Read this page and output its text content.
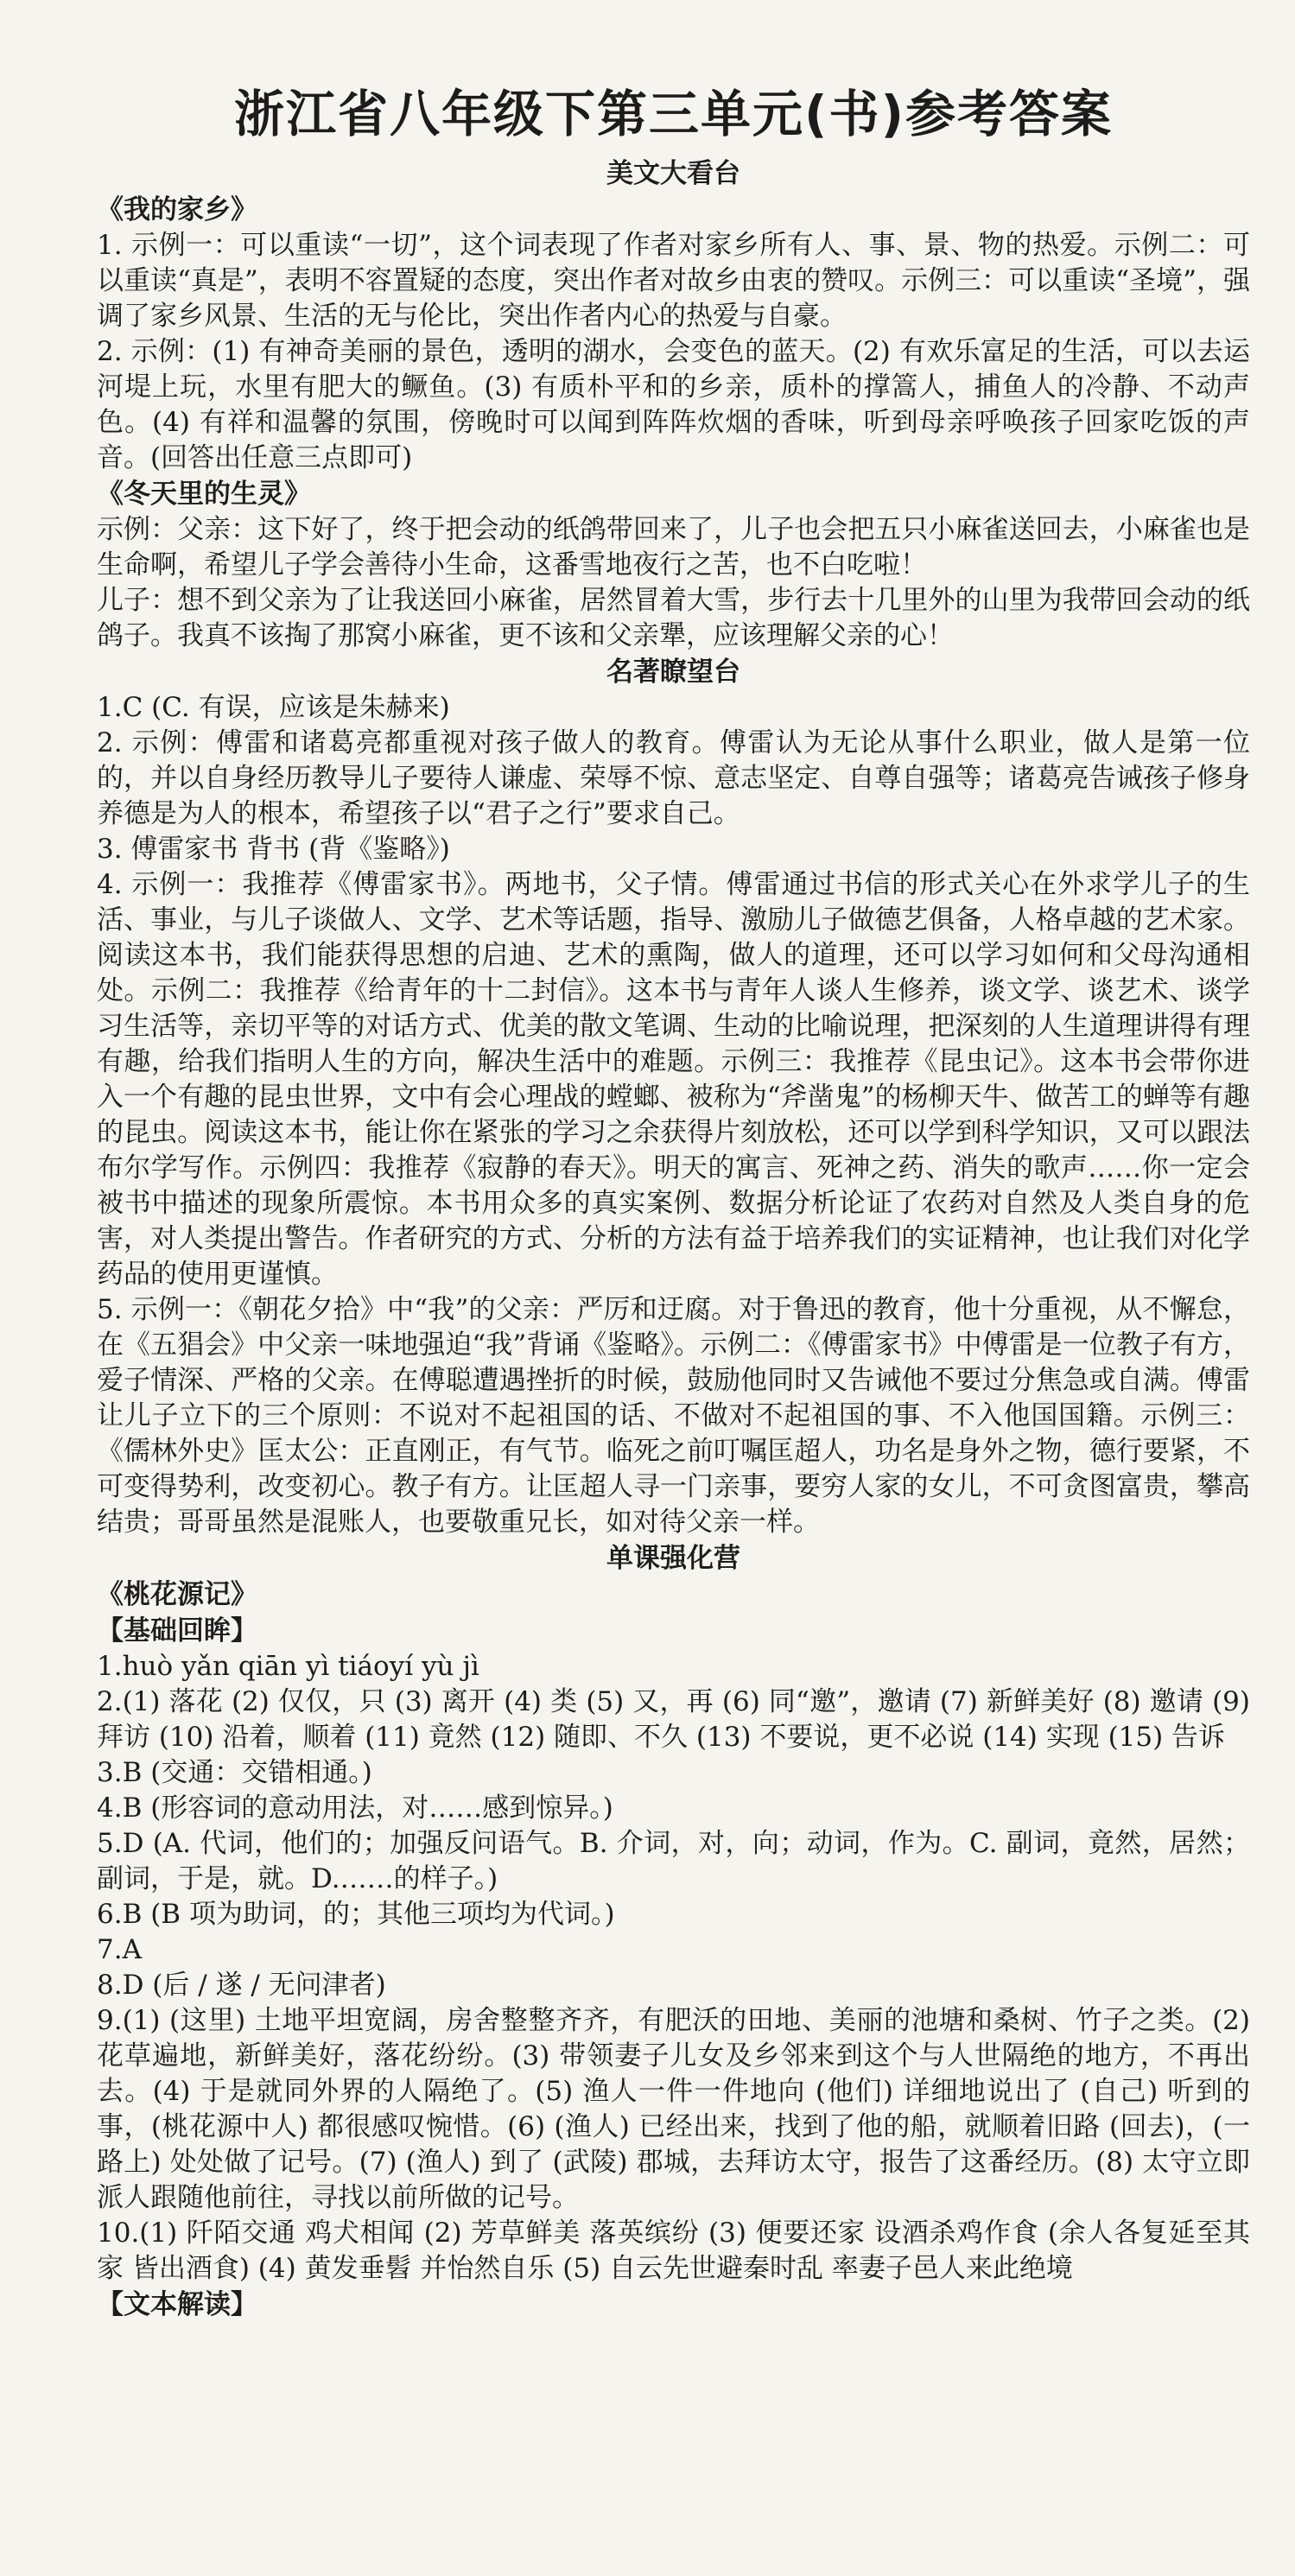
浙江省八年级下第三单元(书)参考答案
美文大看台
《我的家乡》

1. 示例一：可以重读“一切”，这个词表现了作者对家乡所有人、事、景、物的热爱。示例二：可以重读“真是”，表明不容置疑的态度，突出作者对故乡由衷的赞叹。示例三：可以重读“圣境”，强调了家乡风景、生活的无与伦比，突出作者内心的热爱与自豪。

2. 示例：(1) 有神奇美丽的景色，透明的湖水，会变色的蓝天。(2) 有欢乐富足的生活，可以去运河堤上玩，水里有肥大的鳜鱼。(3) 有质朴平和的乡亲，质朴的撑篙人，捕鱼人的冷静、不动声色。(4) 有祥和温馨的氛围，傍晚时可以闻到阵阵炊烟的香味，听到母亲呼唤孩子回家吃饭的声音。(回答出任意三点即可)

《冬天里的生灵》

示例：父亲：这下好了，终于把会动的纸鸽带回来了，儿子也会把五只小麻雀送回去，小麻雀也是生命啊，希望儿子学会善待小生命，这番雪地夜行之苦，也不白吃啦！

儿子：想不到父亲为了让我送回小麻雀，居然冒着大雪，步行去十几里外的山里为我带回会动的纸鸽子。我真不该掏了那窝小麻雀，更不该和父亲犟，应该理解父亲的心！

名著瞭望台

1.C (C. 有误，应该是朱赫来)

2. 示例：傅雷和诸葛亮都重视对孩子做人的教育。傅雷认为无论从事什么职业，做人是第一位的，并以自身经历教导儿子要待人谦虚、荣辱不惊、意志坚定、自尊自强等；诸葛亮告诫孩子修身养德是为人的根本，希望孩子以“君子之行”要求自己。

3. 傅雷家书 背书 (背《鉴略》)

4. 示例一：我推荐《傅雷家书》。两地书，父子情。傅雷通过书信的形式关心在外求学儿子的生活、事业，与儿子谈做人、文学、艺术等话题，指导、激励儿子做德艺俱备，人格卓越的艺术家。阅读这本书，我们能获得思想的启迪、艺术的熏陶，做人的道理，还可以学习如何和父母沟通相处。示例二：我推荐《给青年的十二封信》。这本书与青年人谈人生修养，谈文学、谈艺术、谈学习生活等，亲切平等的对话方式、优美的散文笔调、生动的比喻说理，把深刻的人生道理讲得有理有趣，给我们指明人生的方向，解决生活中的难题。示例三：我推荐《昆虫记》。这本书会带你进入一个有趣的昆虫世界，文中有会心理战的螳螂、被称为“斧凿鬼”的杨柳天牛、做苦工的蝉等有趣的昆虫。阅读这本书，能让你在紧张的学习之余获得片刻放松，还可以学到科学知识，又可以跟法布尔学写作。示例四：我推荐《寂静的春天》。明天的寓言、死神之药、消失的歌声……你一定会被书中描述的现象所震惊。本书用众多的真实案例、数据分析论证了农药对自然及人类自身的危害，对人类提出警告。作者研究的方式、分析的方法有益于培养我们的实证精神，也让我们对化学药品的使用更谨慎。

5. 示例一：《朝花夕拾》中“我”的父亲：严厉和迂腐。对于鲁迅的教育，他十分重视，从不懈怠，在《五猖会》中父亲一味地强迫“我”背诵《鉴略》。示例二：《傅雷家书》中傅雷是一位教子有方，爱子情深、严格的父亲。在傅聪遭遇挫折的时候，鼓励他同时又告诫他不要过分焦急或自满。傅雷让儿子立下的三个原则：不说对不起祖国的话、不做对不起祖国的事、不入他国国籍。示例三：《儒林外史》匡太公：正直刚正，有气节。临死之前叮嘱匡超人，功名是身外之物，德行要紧，不可变得势利，改变初心。教子有方。让匡超人寻一门亲事，要穷人家的女儿，不可贪图富贵，攀高结贵；哥哥虽然是混账人，也要敬重兄长，如对待父亲一样。

单课强化营
《桃花源记》
【基础回眸】

1.huò yǎn qiān yì tiáoyí yù jì

2.(1) 落花 (2) 仅仅，只 (3) 离开 (4) 类 (5) 又，再 (6) 同“邀”，邀请 (7) 新鲜美好 (8) 邀请 (9) 拜访 (10) 沿着，顺着 (11) 竟然 (12) 随即、不久 (13) 不要说，更不必说 (14) 实现 (15) 告诉

3.B (交通：交错相通。)

4.B (形容词的意动用法，对……感到惊异。)

5.D (A. 代词，他们的；加强反问语气。B. 介词，对，向；动词，作为。C. 副词，竟然，居然；副词，于是，就。D.……的样子。)

6.B (B 项为助词，的；其他三项均为代词。)

7.A

8.D (后 / 遂 / 无问津者)

9.(1) (这里) 土地平坦宽阔，房舍整整齐齐，有肥沃的田地、美丽的池塘和桑树、竹子之类。(2) 花草遍地，新鲜美好，落花纷纷。(3) 带领妻子儿女及乡邻来到这个与人世隔绝的地方，不再出去。(4) 于是就同外界的人隔绝了。(5) 渔人一件一件地向 (他们) 详细地说出了 (自己) 听到的事，(桃花源中人) 都很感叹惋惜。(6) (渔人) 已经出来，找到了他的船，就顺着旧路 (回去)，(一路上) 处处做了记号。(7) (渔人) 到了 (武陵) 郡城，去拜访太守，报告了这番经历。(8) 太守立即派人跟随他前往，寻找以前所做的记号。

10.(1) 阡陌交通 鸡犬相闻 (2) 芳草鲜美 落英缤纷 (3) 便要还家 设酒杀鸡作食 (余人各复延至其家 皆出酒食) (4) 黄发垂髫 并怡然自乐 (5) 自云先世避秦时乱 率妻子邑人来此绝境

【文本解读】
